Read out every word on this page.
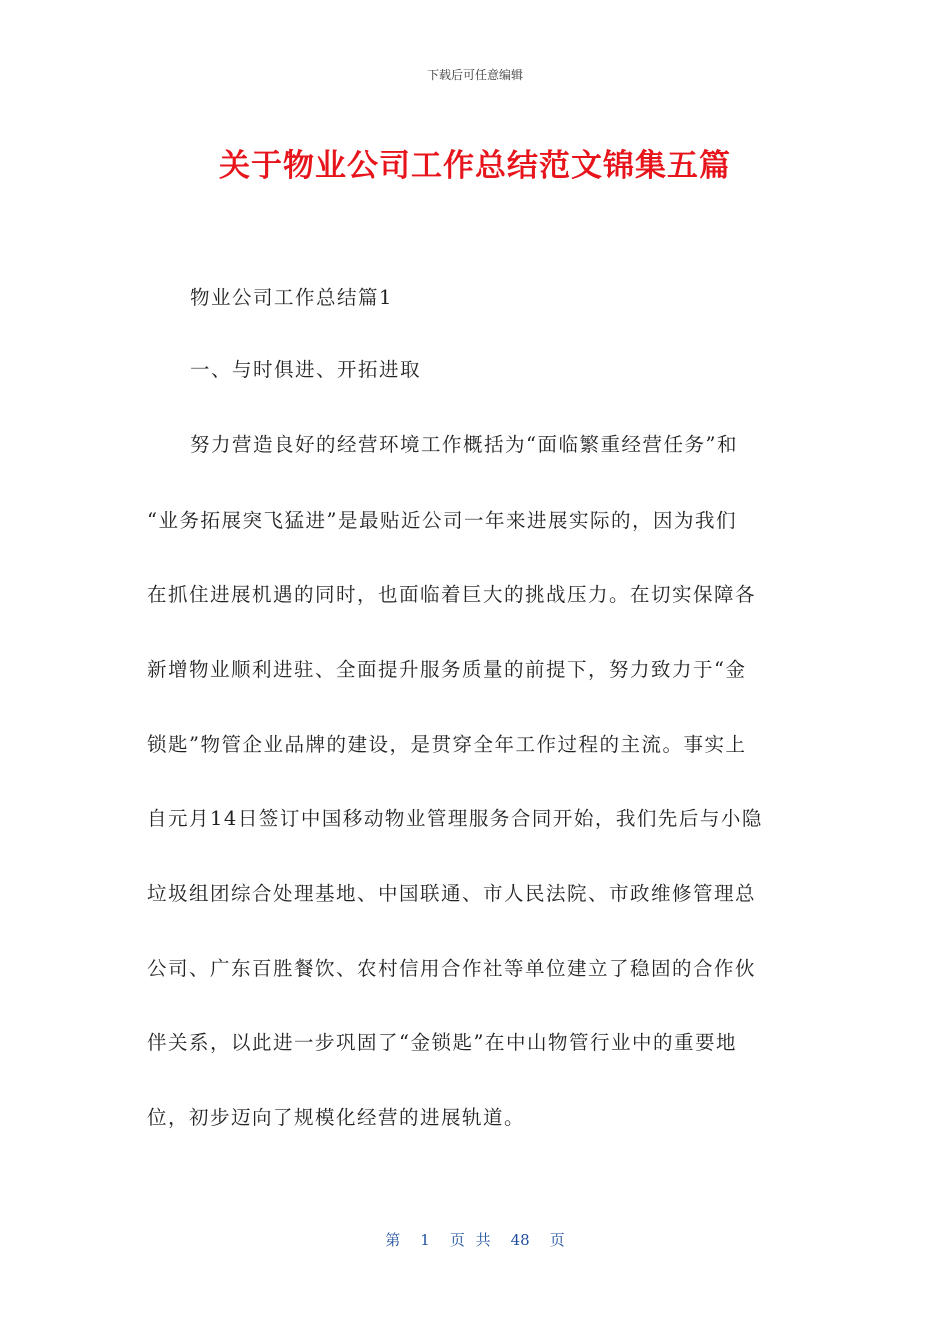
下载后可任意编辑
关于物业公司工作总结范文锦集五篇
物业公司工作总结篇1
一、与时俱进、开拓进取
努力营造良好的经营环境工作概括为“面临繁重经营任务”和
“业务拓展突飞猛进”是最贴近公司一年来进展实际的，因为我们
在抓住进展机遇的同时，也面临着巨大的挑战压力。在切实保障各
新增物业顺利进驻、全面提升服务质量的前提下，努力致力于“金
锁匙”物管企业品牌的建设，是贯穿全年工作过程的主流。事实上
自元月14日签订中国移动物业管理服务合同开始，我们先后与小隐
垃圾组团综合处理基地、中国联通、市人民法院、市政维修管理总
公司、广东百胜餐饮、农村信用合作社等单位建立了稳固的合作伙
伴关系，以此进一步巩固了“金锁匙”在中山物管行业中的重要地
位，初步迈向了规模化经营的进展轨道。
第 1 页 共 48 页
